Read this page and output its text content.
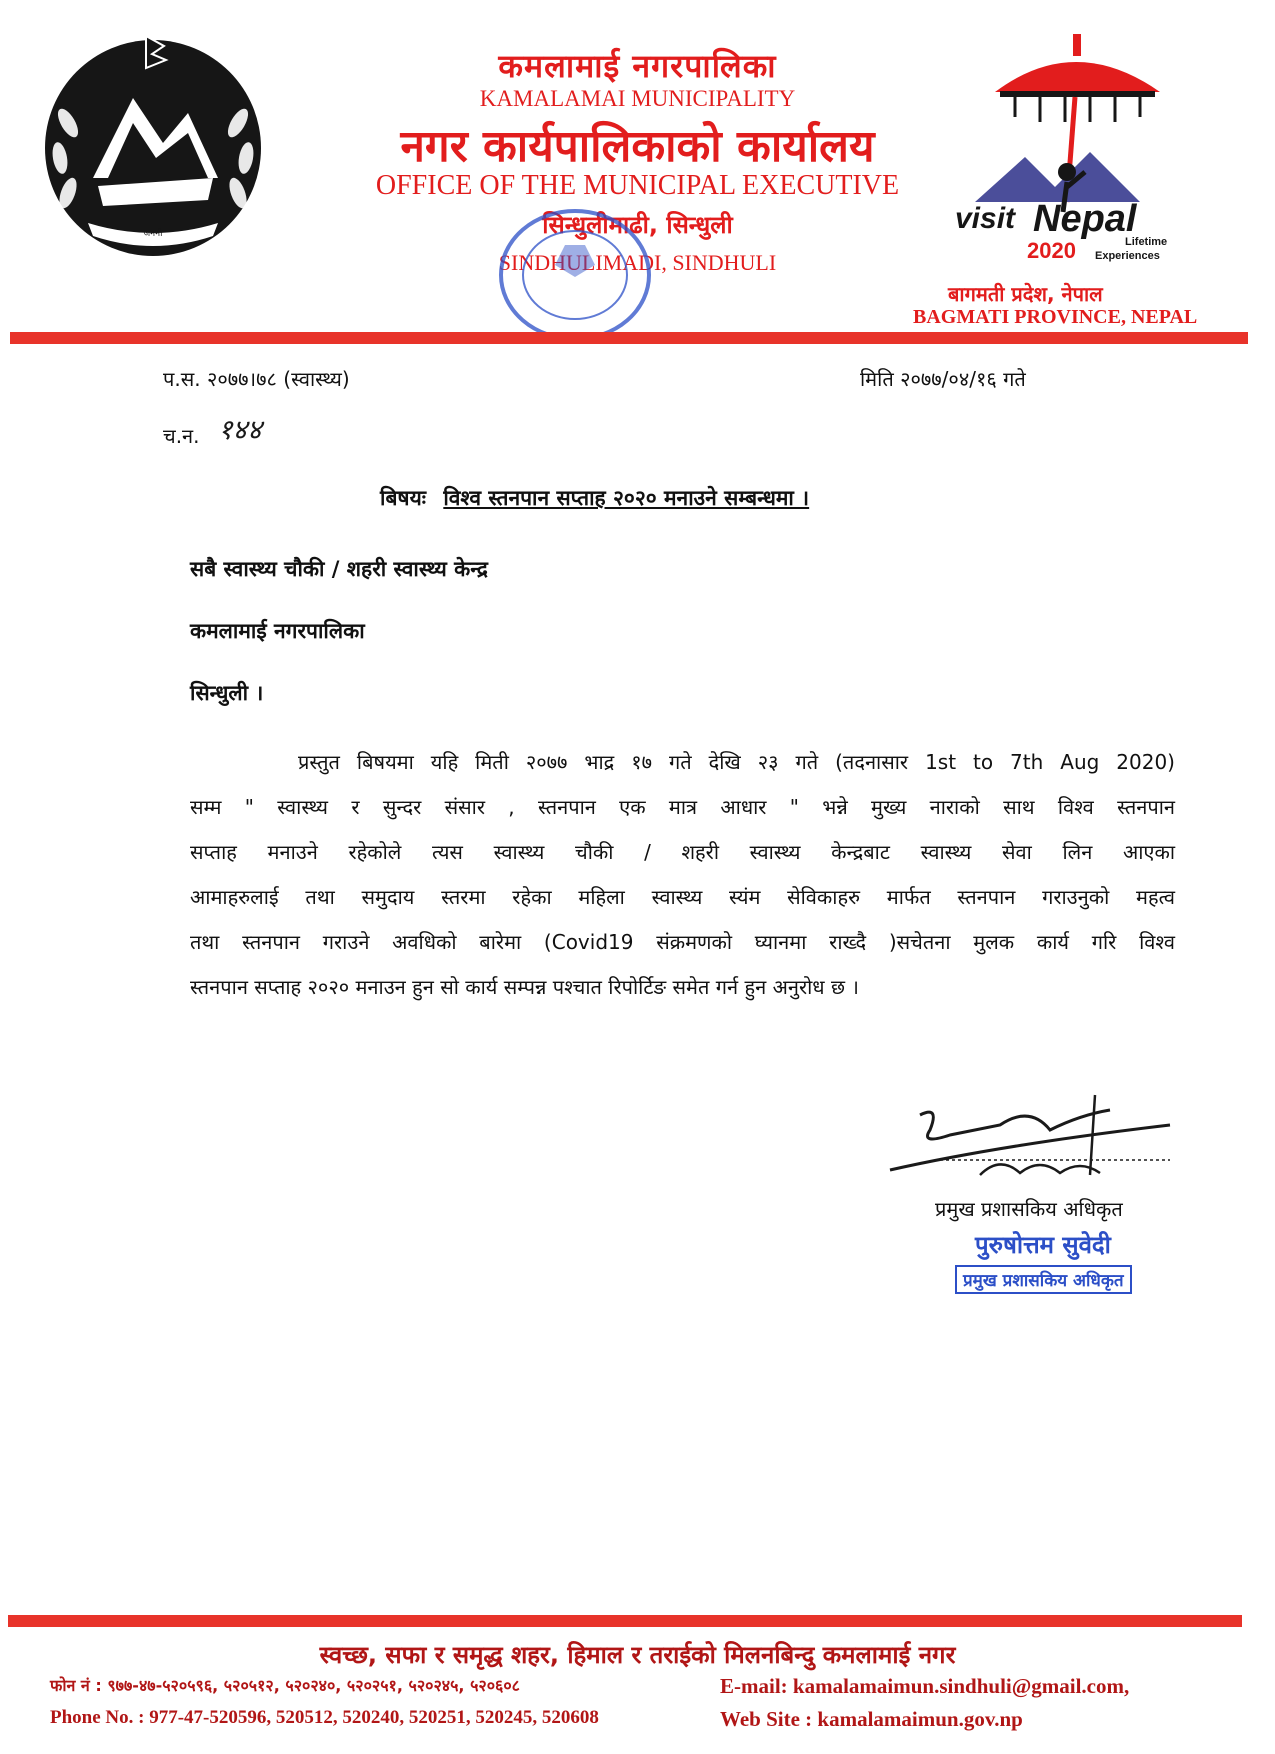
जननी
कमलामाई नगरपालिका
KAMALAMAI MUNICIPALITY
नगर कार्यपालिकाको कार्यालय
OFFICE OF THE MUNICIPAL EXECUTIVE
सिन्धुलीमाढी, सिन्धुली
SINDHULIMADI, SINDHULI
visit Nepal
2020	Lifetime
Experiences
बागमती प्रदेश, नेपाल
BAGMATI PROVINCE, NEPAL
प.स. २०७७।७८ (स्वास्थ्य)	मिति २०७७/०४/१६ गते
च.न. १४४
बिषयः विश्व स्तनपान सप्ताह २०२० मनाउने सम्बन्धमा ।
सबै स्वास्थ्य चौकी / शहरी स्वास्थ्य केन्द्र
कमलामाई नगरपालिका
सिन्धुली ।
प्रस्तुत बिषयमा यहि मिती २०७७ भाद्र १७ गते देखि २३ गते (तदनासार 1st to 7th Aug 2020)
सम्म " स्वास्थ्य र सुन्दर संसार , स्तनपान एक मात्र आधार " भन्ने मुख्य नाराको साथ विश्व स्तनपान
सप्ताह मनाउने रहेकोले त्यस स्वास्थ्य चौकी / शहरी स्वास्थ्य केन्द्रबाट स्वास्थ्य सेवा लिन आएका
आमाहरुलाई तथा समुदाय स्तरमा रहेका महिला स्वास्थ्य स्यंम सेविकाहरु मार्फत स्तनपान गराउनुको महत्व
तथा स्तनपान गराउने अवधिको बारेमा (Covid19 संक्रमणको घ्यानमा राख्दै )सचेतना मुलक कार्य गरि विश्व
स्तनपान सप्ताह २०२० मनाउन हुन सो कार्य सम्पन्न पश्चात रिपोर्टिङ समेत गर्न हुन अनुरोध छ ।
प्रमुख प्रशासकिय अधिकृत
पुरुषोत्तम सुवेदी
प्रमुख प्रशासकिय अधिकृत
स्वच्छ, सफा र समृद्ध शहर, हिमाल र तराईको मिलनबिन्दु कमलामाई नगर
फोन नं : ९७७-४७-५२०५९६, ५२०५१२, ५२०२४०, ५२०२५१, ५२०२४५, ५२०६०८
Phone No. : 977-47-520596, 520512, 520240, 520251, 520245, 520608
E-mail: kamalamaimun.sindhuli@gmail.com,
Web Site : kamalamaimun.gov.np
